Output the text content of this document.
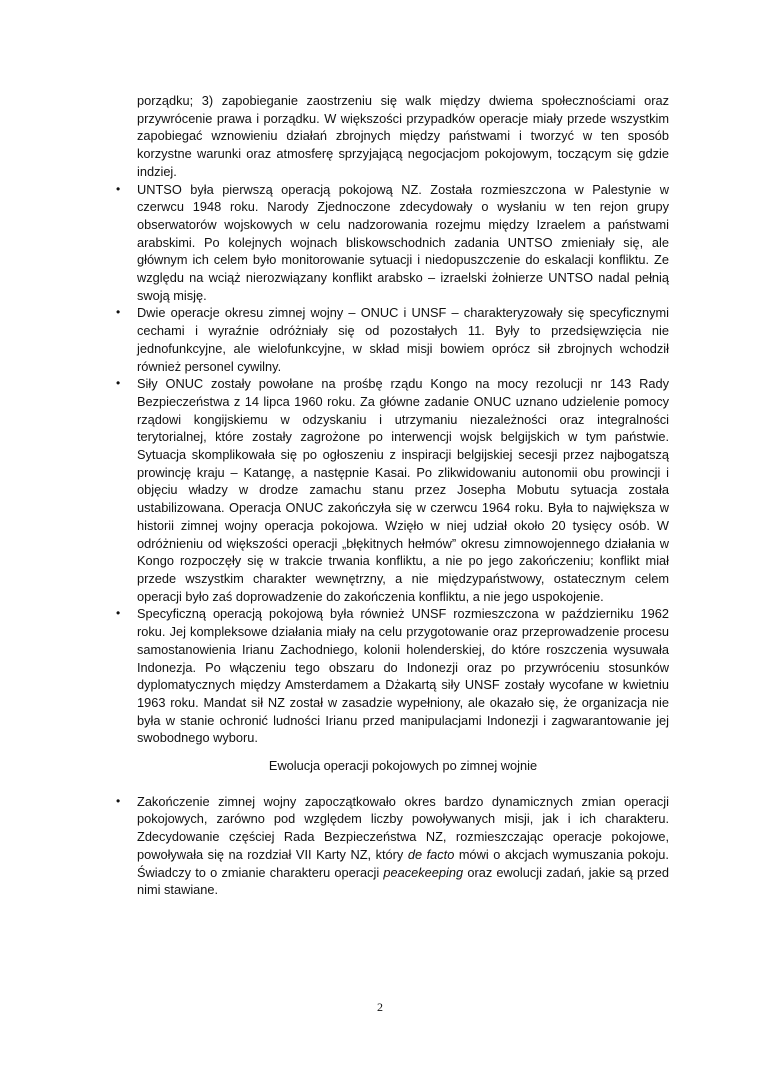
porządku; 3) zapobieganie zaostrzeniu się walk między dwiema społecznościami oraz przywrócenie prawa i porządku. W większości przypadków operacje miały przede wszystkim zapobiegać wznowieniu działań zbrojnych między państwami i tworzyć w ten sposób korzystne warunki oraz atmosferę sprzyjającą negocjacjom pokojowym, toczącym się gdzie indziej.

• UNTSO była pierwszą operacją pokojową NZ. Została rozmieszczona w Palestynie w czerwcu 1948 roku. Narody Zjednoczone zdecydowały o wysłaniu w ten rejon grupy obserwatorów wojskowych w celu nadzorowania rozejmu między Izraelem a państwami arabskimi. Po kolejnych wojnach bliskowschodnich zadania UNTSO zmieniały się, ale głównym ich celem było monitorowanie sytuacji i niedopuszczenie do eskalacji konfliktu. Ze względu na wciąż nierozwiązany konflikt arabsko – izraelski żołnierze UNTSO nadal pełnią swoją misję.
• Dwie operacje okresu zimnej wojny – ONUC i UNSF – charakteryzowały się specyficznymi cechami i wyraźnie odróżniały się od pozostałych 11. Były to przedsięwzięcia nie jednofunkcyjne, ale wielofunkcyjne, w skład misji bowiem oprócz sił zbrojnych wchodził również personel cywilny.
• Siły ONUC zostały powołane na prośbę rządu Kongo na mocy rezolucji nr 143 Rady Bezpieczeństwa z 14 lipca 1960 roku. Za główne zadanie ONUC uznano udzielenie pomocy rządowi kongijskiemu w odzyskaniu i utrzymaniu niezależności oraz integralności terytorialnej, które zostały zagrożone po interwencji wojsk belgijskich w tym państwie. Sytuacja skomplikowała się po ogłoszeniu z inspiracji belgijskiej secesji przez najbogatszą prowincję kraju – Katangę, a następnie Kasai. Po zlikwidowaniu autonomii obu prowincji i objęciu władzy w drodze zamachu stanu przez Josepha Mobutu sytuacja została ustabilizowana. Operacja ONUC zakończyła się w czerwcu 1964 roku. Była to największa w historii zimnej wojny operacja pokojowa. Wzięło w niej udział około 20 tysięcy osób. W odróżnieniu od większości operacji „błękitnych hełmów” okresu zimnowojennego działania w Kongo rozpoczęły się w trakcie trwania konfliktu, a nie po jego zakończeniu; konflikt miał przede wszystkim charakter wewnętrzny, a nie międzypaństwowy, ostatecznym celem operacji było zaś doprowadzenie do zakończenia konfliktu, a nie jego uspokojenie.
• Specyficzną operacją pokojową była również UNSF rozmieszczona w październiku 1962 roku. Jej kompleksowe działania miały na celu przygotowanie oraz przeprowadzenie procesu samostanowienia Irianu Zachodniego, kolonii holenderskiej, do które roszczenia wysuwała Indonezja. Po włączeniu tego obszaru do Indonezji oraz po przywróceniu stosunków dyplomatycznych między Amsterdamem a Dżakartą siły UNSF zostały wycofane w kwietniu 1963 roku. Mandat sił NZ został w zasadzie wypełniony, ale okazało się, że organizacja nie była w stanie ochronić ludności Irianu przed manipulacjami Indonezji i zagwarantowanie jej swobodnego wyboru.

Ewolucja operacji pokojowych po zimnej wojnie

• Zakończenie zimnej wojny zapoczątkowało okres bardzo dynamicznych zmian operacji pokojowych, zarówno pod względem liczby powoływanych misji, jak i ich charakteru. Zdecydowanie częściej Rada Bezpieczeństwa NZ, rozmieszczając operacje pokojowe, powoływała się na rozdział VII Karty NZ, który de facto mówi o akcjach wymuszania pokoju. Świadczy to o zmianie charakteru operacji peacekeeping oraz ewolucji zadań, jakie są przed nimi stawiane.
2
